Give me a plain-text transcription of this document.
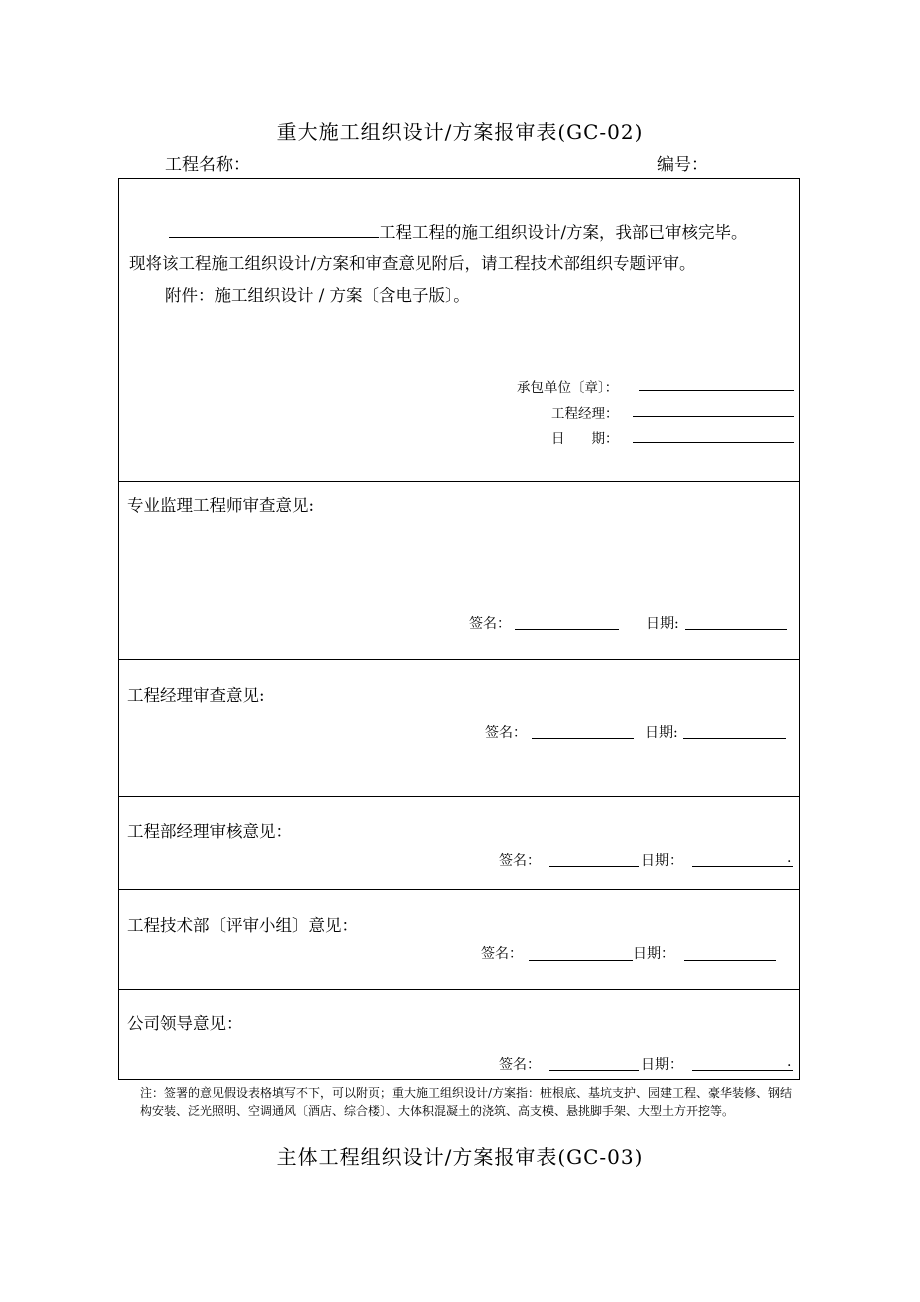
重大施工组织设计/方案报审表(GC-02)
工程名称：	编号：
工程工程的施工组织设计/方案，我部已审核完毕。
现将该工程施工组织设计/方案和审查意见附后，请工程技术部组织专题评审。
附件：施工组织设计 / 方案〔含电子版〕。
承包单位〔章〕：
工程经理：
日　　期：
专业监理工程师审查意见:
签名：	日期:
工程经理审查意见:
签名：	日期:
工程部经理审核意见：
签名：	日期：	.
工程技术部〔评审小组〕意见：
签名：	日期：
公司领导意见：
签名：	日期：	.
注：签署的意见假设表格填写不下，可以附页；重大施工组织设计/方案指：桩根底、基坑支护、园建工程、豪华装修、钢结构安装、泛光照明、空调通风〔酒店、综合楼〕、大体积混凝土的浇筑、高支模、悬挑脚手架、大型土方开挖等。
主体工程组织设计/方案报审表(GC-03)
